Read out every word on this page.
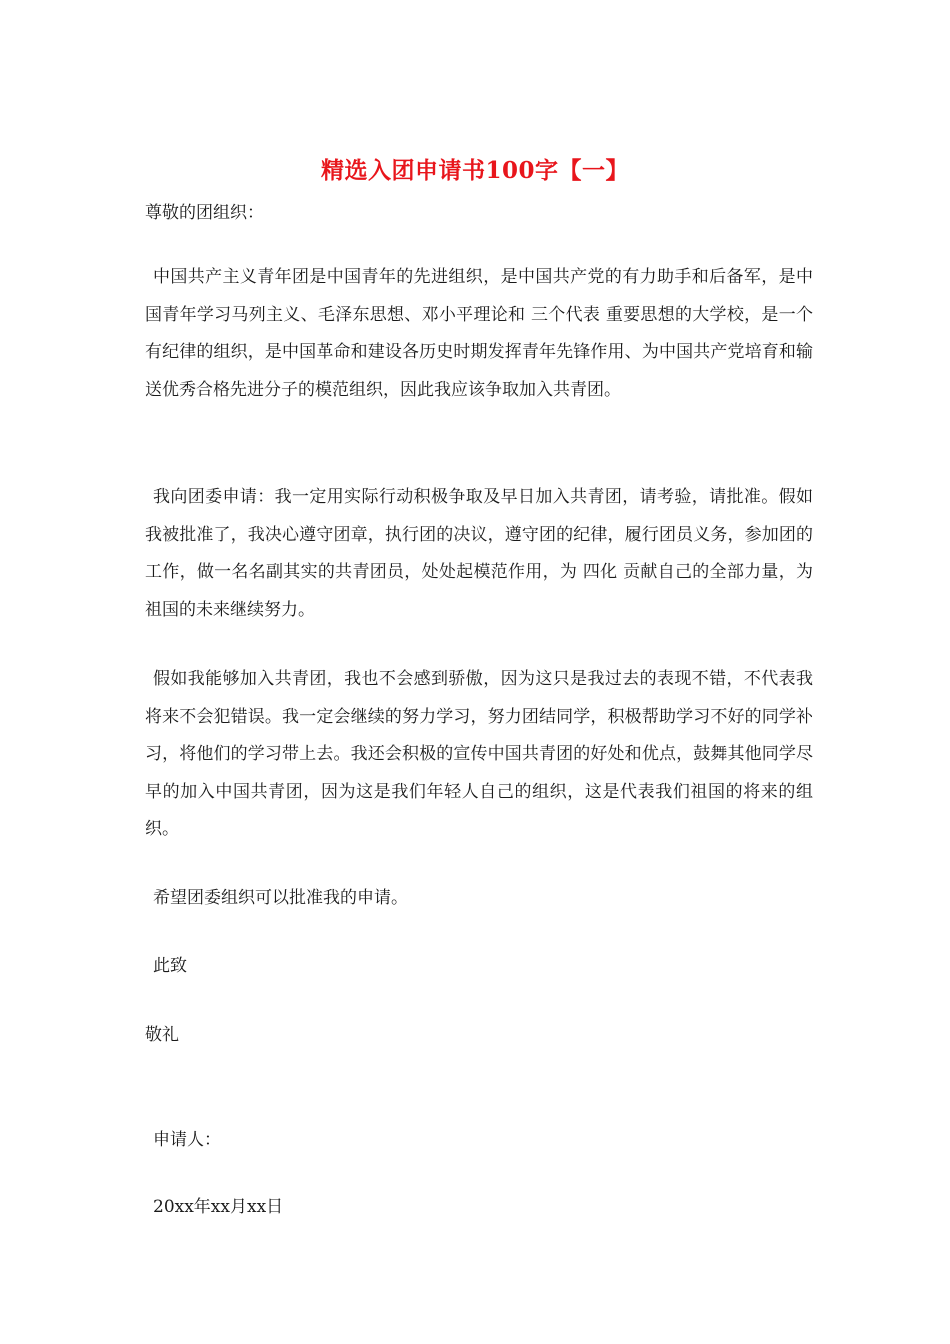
精选入团申请书100字【一】
尊敬的团组织：

中国共产主义青年团是中国青年的先进组织，是中国共产党的有力助手和后备军，是中国青年学习马列主义、毛泽东思想、邓小平理论和 三个代表 重要思想的大学校，是一个有纪律的组织，是中国革命和建设各历史时期发挥青年先锋作用、为中国共产党培育和输送优秀合格先进分子的模范组织，因此我应该争取加入共青团。

我向团委申请：我一定用实际行动积极争取及早日加入共青团，请考验，请批准。假如我被批准了，我决心遵守团章，执行团的决议，遵守团的纪律，履行团员义务，参加团的工作，做一名名副其实的共青团员，处处起模范作用，为 四化 贡献自己的全部力量，为祖国的未来继续努力。

假如我能够加入共青团，我也不会感到骄傲，因为这只是我过去的表现不错，不代表我将来不会犯错误。我一定会继续的努力学习，努力团结同学，积极帮助学习不好的同学补习，将他们的学习带上去。我还会积极的宣传中国共青团的好处和优点，鼓舞其他同学尽早的加入中国共青团，因为这是我们年轻人自己的组织，这是代表我们祖国的将来的组织。

希望团委组织可以批准我的申请。
此致
敬礼
申请人：
20xx年xx月xx日
